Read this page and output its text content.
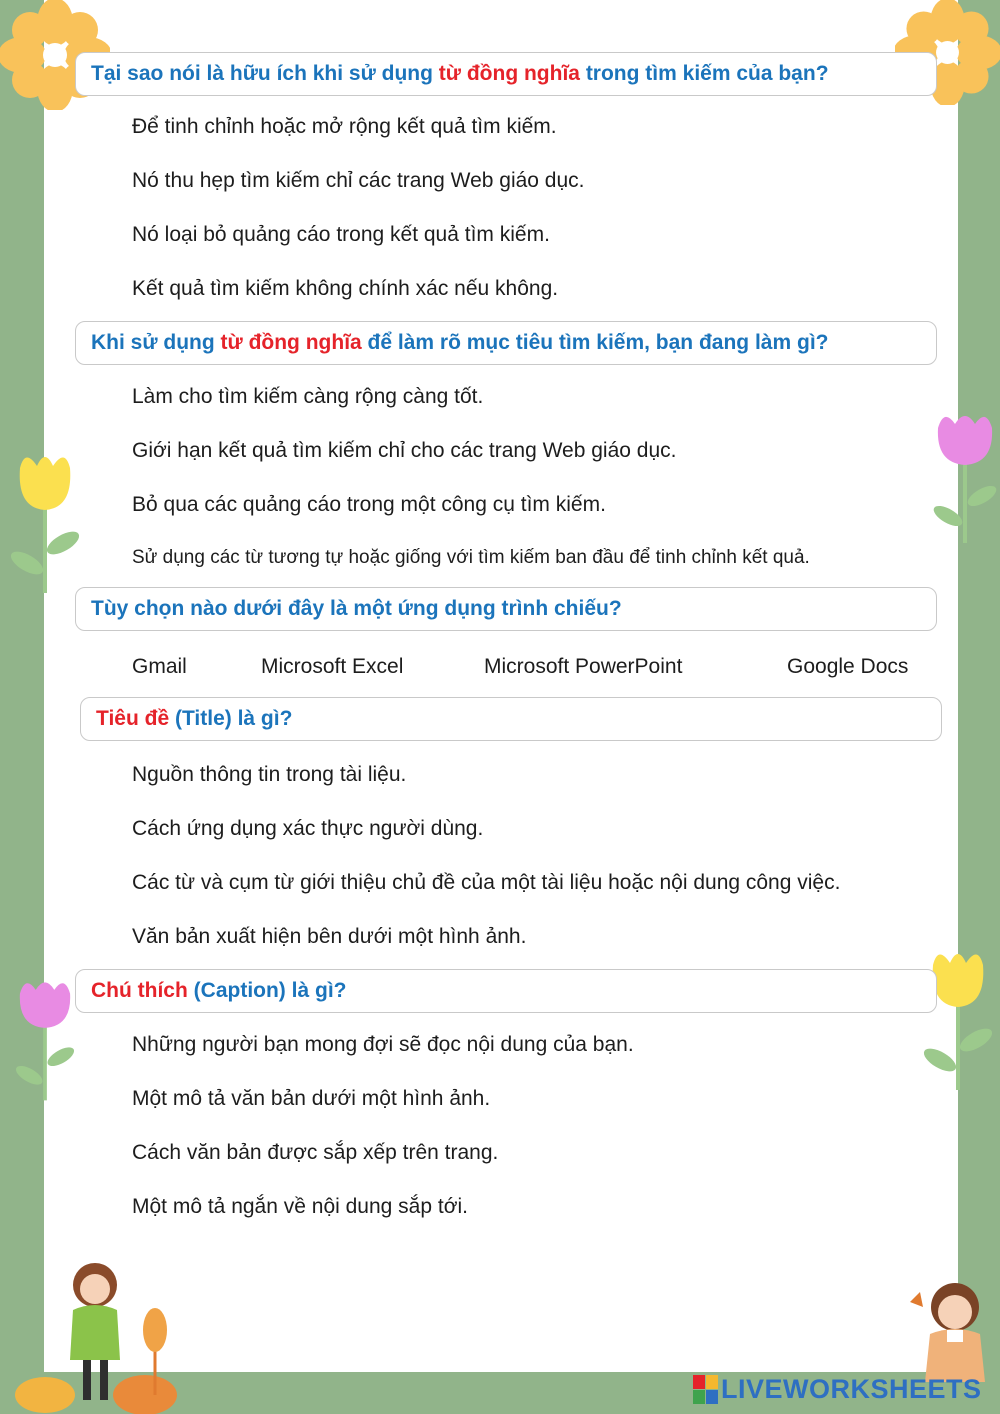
Tại sao nói là hữu ích khi sử dụng từ đồng nghĩa trong tìm kiếm của bạn?
Để tinh chỉnh hoặc mở rộng kết quả tìm kiếm.
Nó thu hẹp tìm kiếm chỉ các trang Web giáo dục.
Nó loại bỏ quảng cáo trong kết quả tìm kiếm.
Kết quả tìm kiếm không chính xác nếu không.
Khi sử dụng từ đồng nghĩa để làm rõ mục tiêu tìm kiếm, bạn đang làm gì?
Làm cho tìm kiếm càng rộng càng tốt.
Giới hạn kết quả tìm kiếm chỉ cho các trang Web giáo dục.
Bỏ qua các quảng cáo trong một công cụ tìm kiếm.
Sử dụng các từ tương tự hoặc giống với tìm kiếm ban đầu để tinh chỉnh kết quả.
Tùy chọn nào dưới đây là một ứng dụng trình chiếu?
Gmail	Microsoft Excel	Microsoft PowerPoint	Google Docs
Tiêu đề (Title) là gì?
Nguồn thông tin trong tài liệu.
Cách ứng dụng xác thực người dùng.
Các từ và cụm từ giới thiệu chủ đề của một tài liệu hoặc nội dung công việc.
Văn bản xuất hiện bên dưới một hình ảnh.
Chú thích (Caption) là gì?
Những người bạn mong đợi sẽ đọc nội dung của bạn.
Một mô tả văn bản dưới một hình ảnh.
Cách văn bản được sắp xếp trên trang.
Một mô tả ngắn về nội dung sắp tới.
LIVEWORKSHEETS
